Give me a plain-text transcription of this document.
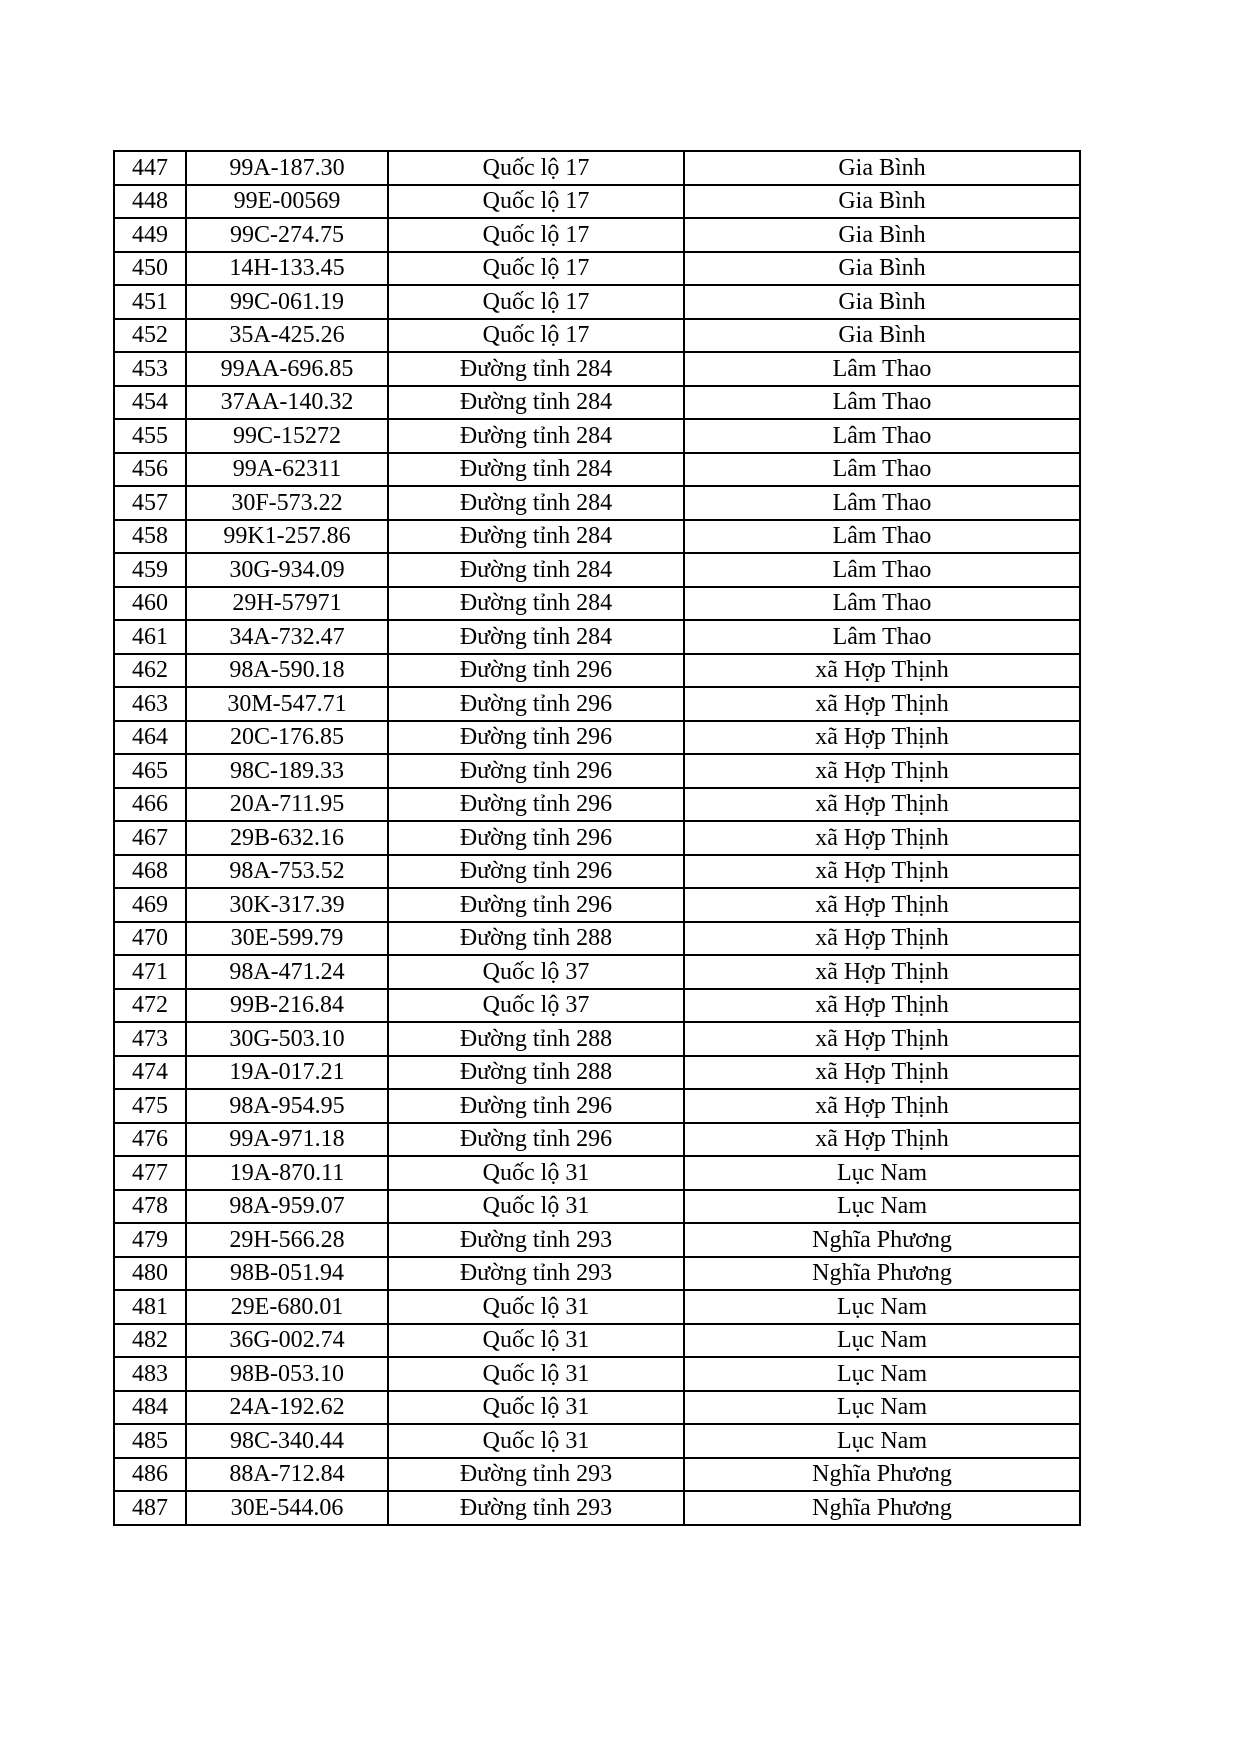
447	99A-187.30	Quốc lộ 17	Gia Bình
448	99E-00569	Quốc lộ 17	Gia Bình
449	99C-274.75	Quốc lộ 17	Gia Bình
450	14H-133.45	Quốc lộ 17	Gia Bình
451	99C-061.19	Quốc lộ 17	Gia Bình
452	35A-425.26	Quốc lộ 17	Gia Bình
453	99AA-696.85	Đường tỉnh 284	Lâm Thao
454	37AA-140.32	Đường tỉnh 284	Lâm Thao
455	99C-15272	Đường tỉnh 284	Lâm Thao
456	99A-62311	Đường tỉnh 284	Lâm Thao
457	30F-573.22	Đường tỉnh 284	Lâm Thao
458	99K1-257.86	Đường tỉnh 284	Lâm Thao
459	30G-934.09	Đường tỉnh 284	Lâm Thao
460	29H-57971	Đường tỉnh 284	Lâm Thao
461	34A-732.47	Đường tỉnh 284	Lâm Thao
462	98A-590.18	Đường tỉnh 296	xã Hợp Thịnh
463	30M-547.71	Đường tỉnh 296	xã Hợp Thịnh
464	20C-176.85	Đường tỉnh 296	xã Hợp Thịnh
465	98C-189.33	Đường tỉnh 296	xã Hợp Thịnh
466	20A-711.95	Đường tỉnh 296	xã Hợp Thịnh
467	29B-632.16	Đường tỉnh 296	xã Hợp Thịnh
468	98A-753.52	Đường tỉnh 296	xã Hợp Thịnh
469	30K-317.39	Đường tỉnh 296	xã Hợp Thịnh
470	30E-599.79	Đường tỉnh 288	xã Hợp Thịnh
471	98A-471.24	Quốc lộ 37	xã Hợp Thịnh
472	99B-216.84	Quốc lộ 37	xã Hợp Thịnh
473	30G-503.10	Đường tỉnh 288	xã Hợp Thịnh
474	19A-017.21	Đường tỉnh 288	xã Hợp Thịnh
475	98A-954.95	Đường tỉnh 296	xã Hợp Thịnh
476	99A-971.18	Đường tỉnh 296	xã Hợp Thịnh
477	19A-870.11	Quốc lộ 31	Lục Nam
478	98A-959.07	Quốc lộ 31	Lục Nam
479	29H-566.28	Đường tỉnh 293	Nghĩa Phương
480	98B-051.94	Đường tỉnh 293	Nghĩa Phương
481	29E-680.01	Quốc lộ 31	Lục Nam
482	36G-002.74	Quốc lộ 31	Lục Nam
483	98B-053.10	Quốc lộ 31	Lục Nam
484	24A-192.62	Quốc lộ 31	Lục Nam
485	98C-340.44	Quốc lộ 31	Lục Nam
486	88A-712.84	Đường tỉnh 293	Nghĩa Phương
487	30E-544.06	Đường tỉnh 293	Nghĩa Phương
